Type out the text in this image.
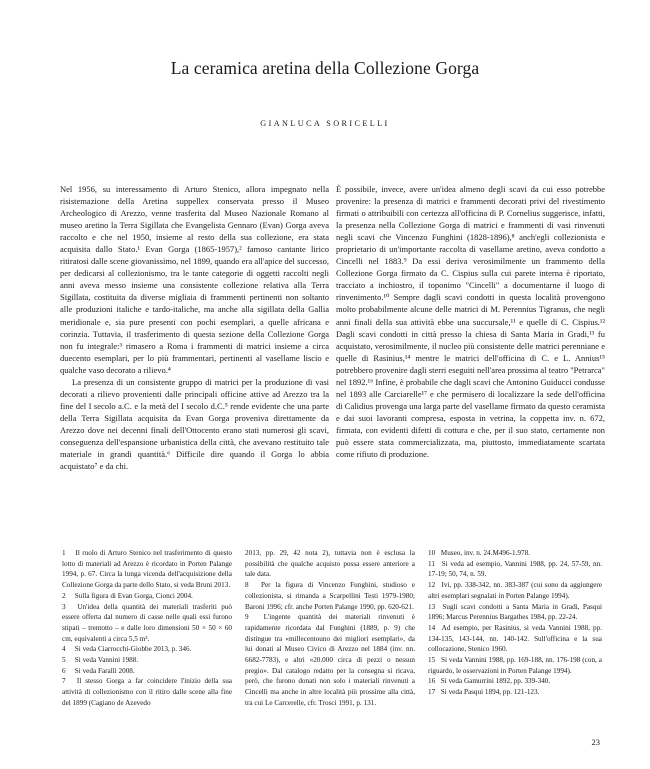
La ceramica aretina della Collezione Gorga
GIANLUCA SORICELLI

Nel 1956, su interessamento di Arturo Stenico, allora impegnato nella risistemazione della Aretina suppellex conservata presso il Museo Archeologico di Arezzo, venne trasferita dal Museo Nazionale Romano al museo aretino la Terra Sigillata che Evangelista Gennaro (Evan) Gorga aveva raccolto e che nel 1950, insieme al resto della sua collezione, era stata acquisita dallo Stato.¹ Evan Gorga (1865-1957),² famoso cantante lirico ritiratosi dalle scene giovanissimo, nel 1899, quando era all'apice del successo, per dedicarsi al collezionismo, tra le tante categorie di oggetti raccolti negli anni aveva messo insieme una consistente collezione relativa alla Terra Sigillata, costituita da diverse migliaia di frammenti pertinenti non soltanto alle produzioni italiche e tardo-italiche, ma anche alla sigillata della Gallia meridionale e, sia pure presenti con pochi esemplari, a quelle africana e corinzia. Tuttavia, il trasferimento di questa sezione della Collezione Gorga non fu integrale:³ rimasero a Roma i frammenti di matrici insieme a circa duecento esemplari, per lo più frammentari, pertinenti al vasellame liscio e qualche vaso decorato a rilievo.⁴

La presenza di un consistente gruppo di matrici per la produzione di vasi decorati a rilievo provenienti dalle principali officine attive ad Arezzo tra la fine del I secolo a.C. e la metà del I secolo d.C.⁵ rende evidente che una parte della Terra Sigillata acquisita da Evan Gorga proveniva direttamente da Arezzo dove nei decenni finali dell'Ottocento erano stati numerosi gli scavi, conseguenza dell'espansione urbanistica della città, che avevano restituito tale materiale in grandi quantità.⁶ Difficile dire quando il Gorga lo abbia acquistato⁷ e da chi.

È possibile, invece, avere un'idea almeno degli scavi da cui esso potrebbe provenire: la presenza di matrici e frammenti decorati privi del rivestimento firmati o attribuibili con certezza all'officina di P. Cornelius suggerisce, infatti, la presenza nella Collezione Gorga di matrici e frammenti di vasi rinvenuti negli scavi che Vincenzo Funghini (1828-1896),⁸ anch'egli collezionista e proprietario di un'importante raccolta di vasellame aretino, aveva condotto a Cincelli nel 1883.⁹ Da essi deriva verosimilmente un frammento della Collezione Gorga firmato da C. Cispius sulla cui parete interna è riportato, tracciato a inchiostro, il toponimo "Cincelli" a documentarne il luogo di rinvenimento.¹⁰ Sempre dagli scavi condotti in questa località provengono molto probabilmente alcune delle matrici di M. Perennius Tigranus, che negli anni finali della sua attività ebbe una succursale,¹¹ e quelle di C. Cispius.¹² Dagli scavi condotti in città presso la chiesa di Santa Maria in Gradi,¹³ fu acquistato, verosimilmente, il nucleo più consistente delle matrici perenniane e quelle di Rasinius,¹⁴ mentre le matrici dell'officina di C. e L. Annius¹⁵ potrebbero provenire dagli sterri eseguiti nell'area prossima al teatro "Petrarca" nel 1892.¹⁶ Infine, è probabile che dagli scavi che Antonino Guiducci condusse nel 1893 alle Carciarelle¹⁷ e che permisero di localizzare la sede dell'officina di Calidius provenga una larga parte del vasellame firmato da questo ceramista e dai suoi lavoranti compresa, esposta in vetrina, la coppetta inv. n. 672, firmata, con evidenti difetti di cottura e che, per il suo stato, certamente non può essere stata commercializzata, ma, piuttosto, immediatamente scartata come rifiuto di produzione.

1 Il ruolo di Arturo Stenico nel trasferimento di questo lotto di materiali ad Arezzo è ricordato in Porten Palange 1994, p. 67. Circa la lunga vicenda dell'acquisizione della Collezione Gorga da parte dello Stato, si veda Bruni 2013.

2 Sulla figura di Evan Gorga, Cionci 2004.

3 Un'idea della quantità dei materiali trasferiti può essere offerta dal numero di casse nelle quali essi furono stipati – trentotto – e dalle loro dimensioni 50 × 50 × 60 cm, equivalenti a circa 5,5 m³.

4 Si veda Ciarrocchi-Giobbe 2013, p. 346.

5 Si veda Vannini 1988.

6 Si veda Faralli 2008.

7 Il stesso Gorga a far coincidere l'inizio della sua attività di collezionismo con il ritiro dalle scene alla fine del 1899 (Cagiano de Azevedo

2013, pp. 29, 42 nota 2), tuttavia non è esclusa la possibilità che qualche acquisto possa essere anteriore a tale data.

8 Per la figura di Vincenzo Funghini, studioso e collezionista, si rimanda a Scarpellini Testi 1979-1980; Baroni 1996; cfr. anche Porten Palange 1990, pp. 620-621.

9 L'ingente quantità dei materiali rinvenuti è rapidamente ricordata dal Funghini (1889, p. 9) che distingue tra «millecentouno dei migliori esemplari», da lui donati al Museo Civico di Arezzo nel 1884 (inv. nn. 6682-7783), e altri «20.000 circa di pezzi o nessun pregio». Dal catalogo redatto per la consegna si ricava, però, che furono donati non solo i materiali rinvenuti a Cincelli ma anche in altre località più prossime alla città, tra cui Le Carcerelle, cfr. Trosci 1991, p. 131.

10 Museo, inv. n. 24.M496-1.978.

11 Si veda ad esempio, Vannini 1988, pp. 24, 57-59, nn. 17-19; 50, 74, n. 59.

12 Ivi, pp. 338-342, nn. 383-387 (cui sono da aggiungere altri esemplari segnalati in Porten Palange 1994).

13 Sugli scavi condotti a Santa Maria in Gradi, Pasqui 1896; Marcus Perennius Bargathes 1984, pp. 22-24.

14 Ad esempio, per Rasinius, si veda Vannini 1988, pp. 134-135, 143-144, nn. 140-142. Sull'officina e la sua collocazione, Stenico 1960.

15 Si veda Vannini 1988, pp. 169-188, nn. 176-198 (con, a riguardo, le osservazioni in Porten Palange 1994).

16 Si veda Gamurrini 1892, pp. 339-340.

17 Si veda Pasqui 1894, pp. 121-123.

23
